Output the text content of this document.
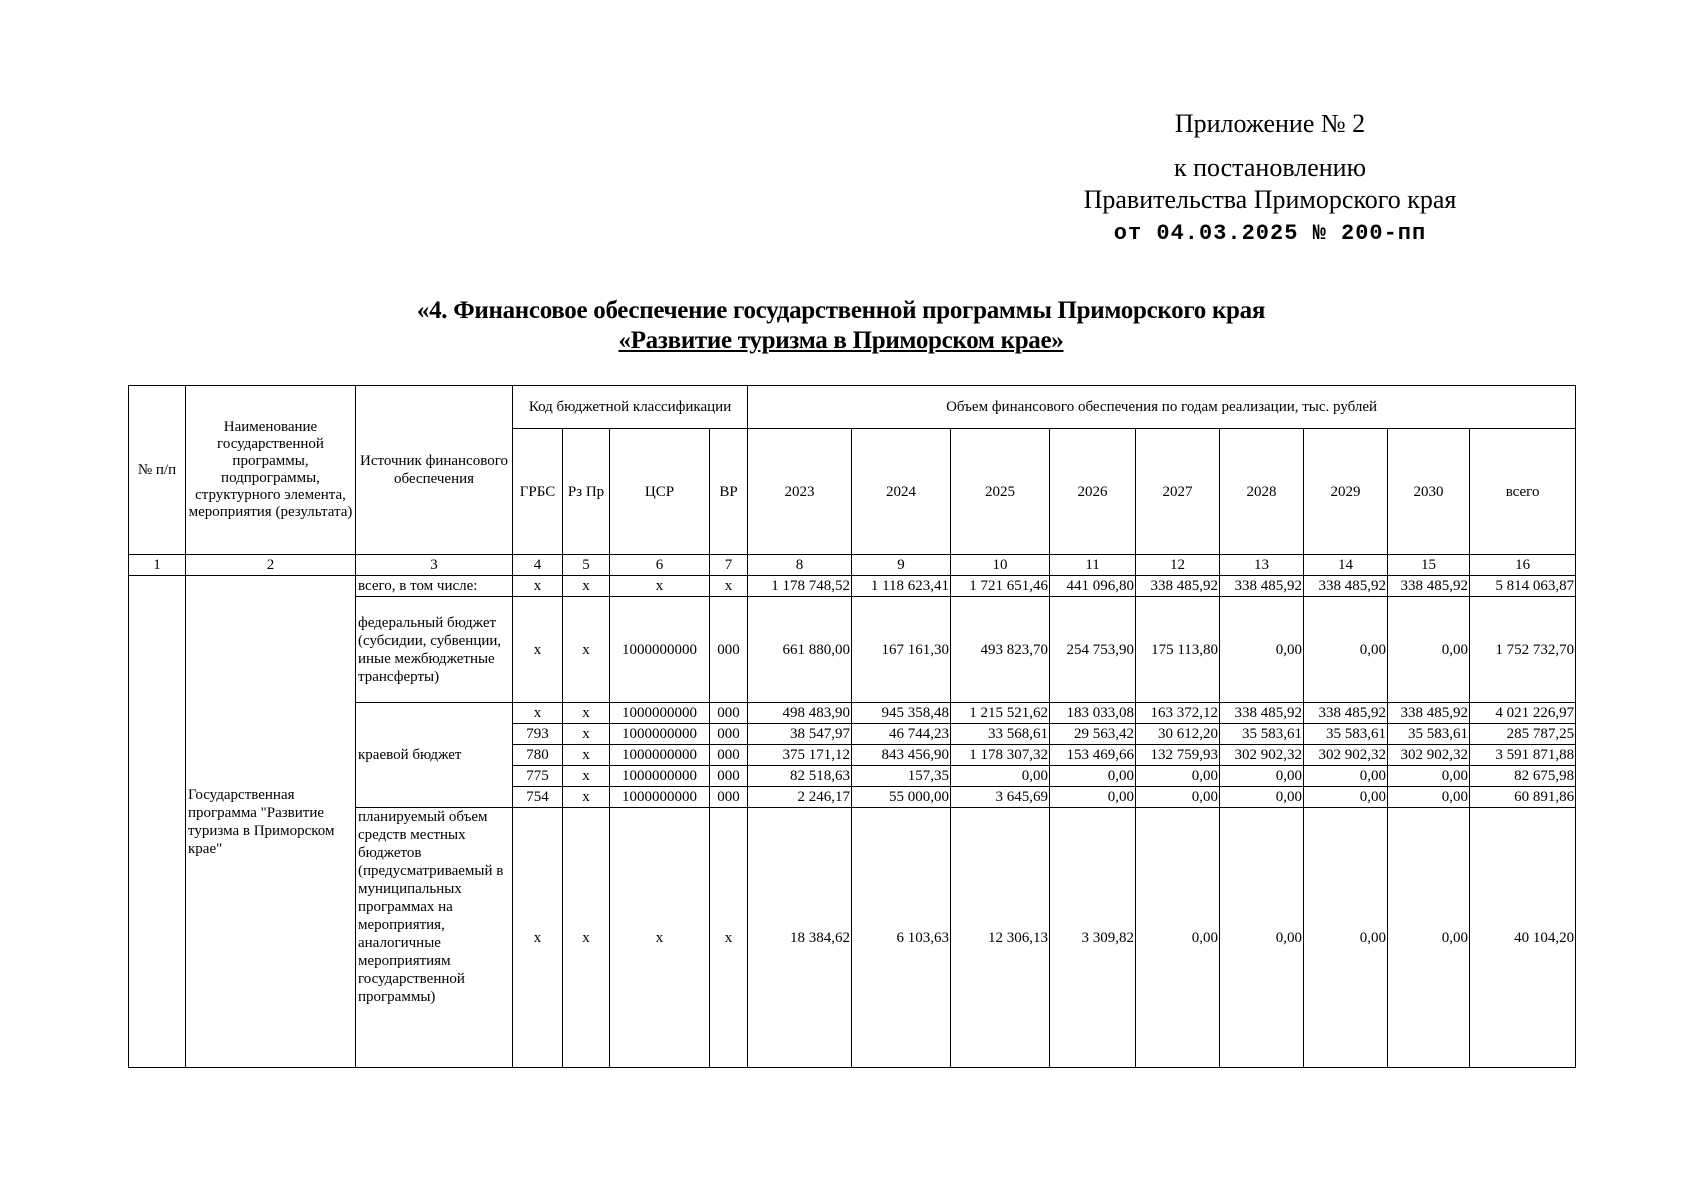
Приложение № 2
к постановлению
Правительства Приморского края
от 04.03.2025 № 200-пп
«4. Финансовое обеспечение государственной программы Приморского края
«Развитие туризма в Приморском крае»
№ п/п	Наименование государственной программы, подпрограммы, структурного элемента, мероприятия (результата)	Источник финансового обеспечения	Код бюджетной классификации				Объем финансового обеспечения по годам реализации, тыс. рублей								
			ГРБС	Рз Пр	ЦСР	ВР	2023	2024	2025	2026	2027	2028	2029	2030	всего
1	2	3	4	5	6	7	8	9	10	11	12	13	14	15	16
	Государственная программа "Развитие туризма в Приморском крае"	всего, в том числе:	x	x	x	x	1 178 748,52	1 118 623,41	1 721 651,46	441 096,80	338 485,92	338 485,92	338 485,92	338 485,92	5 814 063,87
		федеральный бюджет (субсидии, субвенции, иные межбюджетные трансферты)	x	x	1000000000	000	661 880,00	167 161,30	493 823,70	254 753,90	175 113,80	0,00	0,00	0,00	1 752 732,70
		краевой бюджет	x	x	1000000000	000	498 483,90	945 358,48	1 215 521,62	183 033,08	163 372,12	338 485,92	338 485,92	338 485,92	4 021 226,97
			793	x	1000000000	000	38 547,97	46 744,23	33 568,61	29 563,42	30 612,20	35 583,61	35 583,61	35 583,61	285 787,25
			780	x	1000000000	000	375 171,12	843 456,90	1 178 307,32	153 469,66	132 759,93	302 902,32	302 902,32	302 902,32	3 591 871,88
			775	x	1000000000	000	82 518,63	157,35	0,00	0,00	0,00	0,00	0,00	0,00	82 675,98
			754	x	1000000000	000	2 246,17	55 000,00	3 645,69	0,00	0,00	0,00	0,00	0,00	60 891,86
		планируемый объем средств местных бюджетов (предусматриваемый в муниципальных программах на мероприятия, аналогичные мероприятиям государственной программы)	x	x	x	x	18 384,62	6 103,63	12 306,13	3 309,82	0,00	0,00	0,00	0,00	40 104,20
